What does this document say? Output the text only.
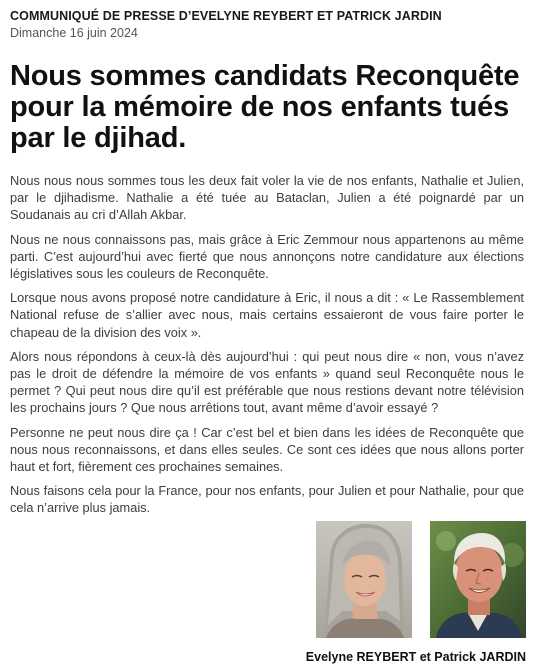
COMMUNIQUÉ DE PRESSE D’EVELYNE REYBERT ET PATRICK JARDIN

Dimanche 16 juin 2024

Nous sommes candidats Reconquête pour la mémoire de nos enfants tués par le djihad.

Nous nous nous sommes tous les deux fait voler la vie de nos enfants, Nathalie et Julien, par le djihadisme. Nathalie a été tuée au Bataclan, Julien a été poignardé par un Soudanais au cri d’Allah Akbar.

Nous ne nous connaissons pas, mais grâce à Eric Zemmour nous appartenons au même parti. C’est aujourd’hui avec fierté que nous annonçons notre candidature aux élections législatives sous les couleurs de Reconquête.

Lorsque nous avons proposé notre candidature à Eric, il nous a dit : « Le Rassemblement National refuse de s’allier avec nous, mais certains essaieront de vous faire porter le chapeau de la division des voix ».

Alors nous répondons à ceux-là dès aujourd’hui : qui peut nous dire « non, vous n’avez pas le droit de défendre la mémoire de vos enfants » quand seul Reconquête nous le permet ? Qui peut nous dire qu’il est préférable que nous restions devant notre télévision les prochains jours ? Que nous arrêtions tout, avant même d’avoir essayé ?

Personne ne peut nous dire ça ! Car c’est bel et bien dans les idées de Reconquête que nous nous reconnaissons, et dans elles seules. Ce sont ces idées que nous allons porter haut et fort, fièrement ces prochaines semaines.

Nous faisons cela pour la France, pour nos enfants, pour Julien et pour Nathalie, pour que cela n’arrive plus jamais.

Evelyne REYBERT et Patrick JARDIN
